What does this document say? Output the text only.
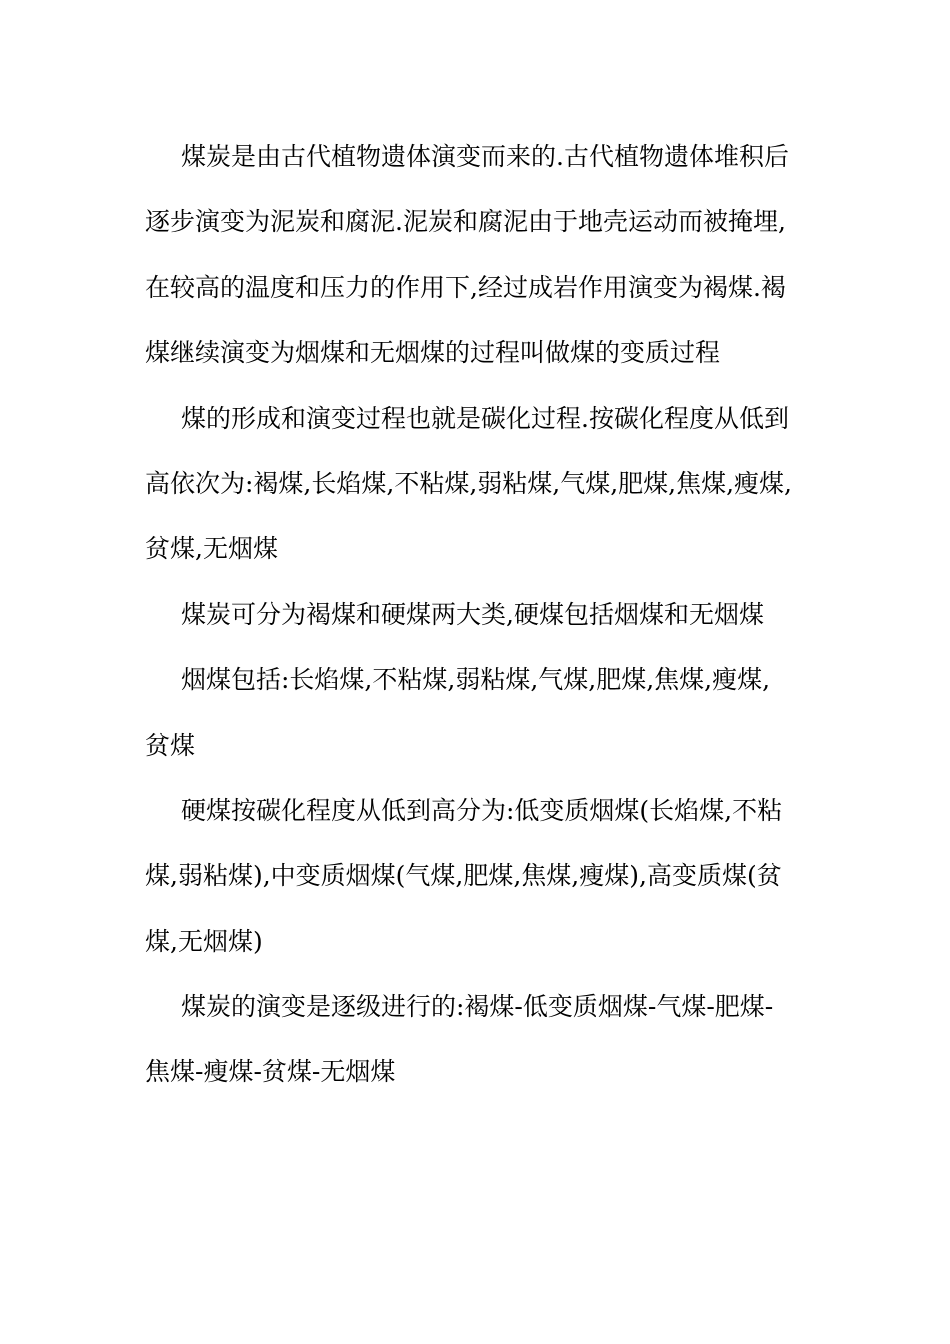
煤炭是由古代植物遗体演变而来的.古代植物遗体堆积后
逐步演变为泥炭和腐泥.泥炭和腐泥由于地壳运动而被掩埋,
在较高的温度和压力的作用下,经过成岩作用演变为褐煤.褐
煤继续演变为烟煤和无烟煤的过程叫做煤的变质过程
煤的形成和演变过程也就是碳化过程.按碳化程度从低到
高依次为:褐煤,长焰煤,不粘煤,弱粘煤,气煤,肥煤,焦煤,瘦煤,
贫煤,无烟煤
煤炭可分为褐煤和硬煤两大类,硬煤包括烟煤和无烟煤
烟煤包括:长焰煤,不粘煤,弱粘煤,气煤,肥煤,焦煤,瘦煤,
贫煤
硬煤按碳化程度从低到高分为:低变质烟煤(长焰煤,不粘
煤,弱粘煤),中变质烟煤(气煤,肥煤,焦煤,瘦煤),高变质煤(贫
煤,无烟煤)
煤炭的演变是逐级进行的:褐煤-低变质烟煤-气煤-肥煤-
焦煤-瘦煤-贫煤-无烟煤
